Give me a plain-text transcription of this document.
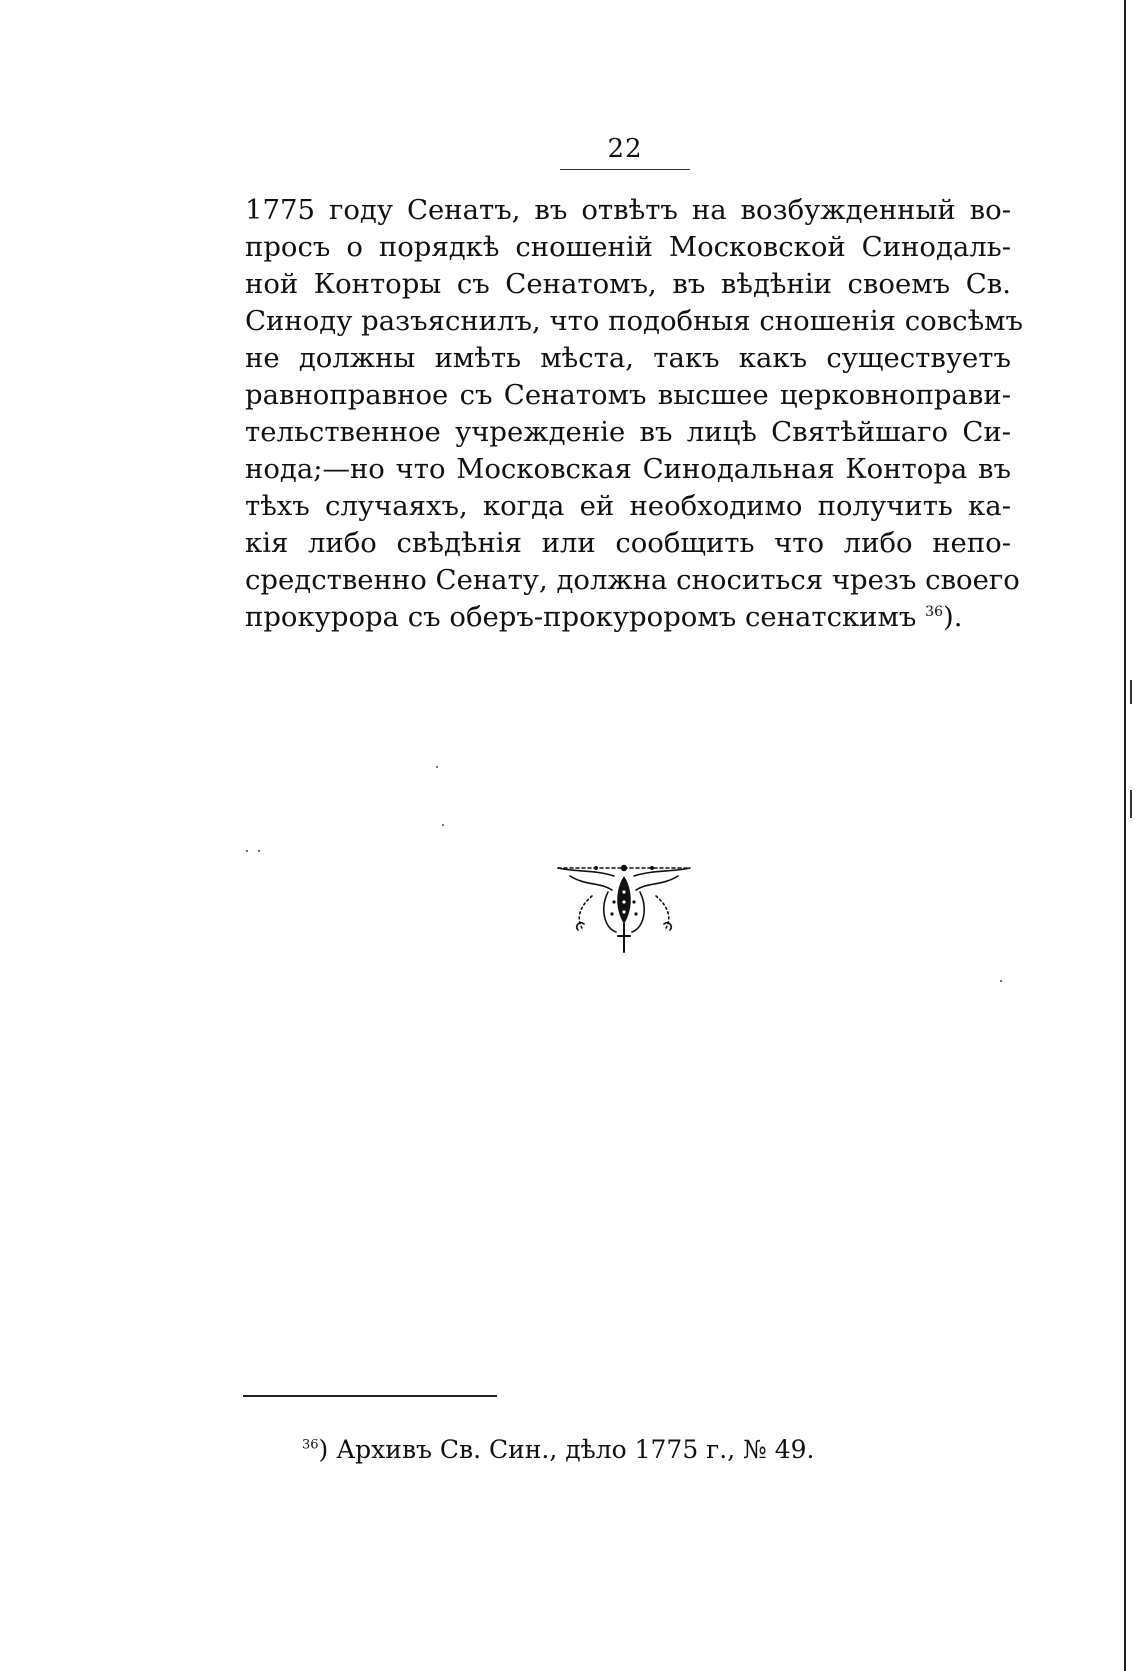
22
1775 году Сенатъ, въ отвѣтъ на возбужденный во-
просъ о порядкѣ сношеній Московской Синодаль-
ной Конторы съ Сенатомъ, въ вѣдѣніи своемъ Св.
Синоду разъяснилъ, что подобныя сношенія совсѣмъ
не должны имѣть мѣста, такъ какъ существуетъ
равноправное съ Сенатомъ высшее церковноправи-
тельственное учрежденіе въ лицѣ Святѣйшаго Си-
нода;—но что Московская Синодальная Контора въ
тѣхъ случаяхъ, когда ей необходимо получить ка-
кія либо свѣдѣнія или сообщить что либо непо-
средственно Сенату, должна сноситься чрезъ своего
прокурора съ оберъ-прокуроромъ сенатскимъ $^{36}$).
$^{36}$) Архивъ Св. Син., дѣло 1775 г., № 49.
